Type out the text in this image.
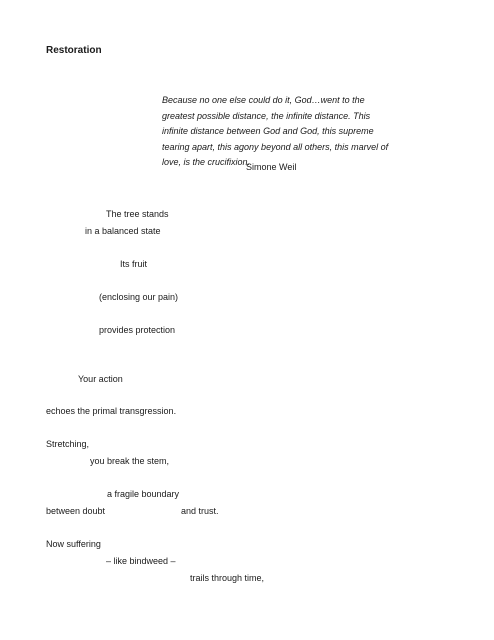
Restoration
Because no one else could do it, God…went to the
greatest possible distance, the infinite distance. This
infinite distance between God and God, this supreme
tearing apart, this agony beyond all others, this marvel of
love, is the crucifixion.
Simone Weil
The tree stands
in a balanced state
Its fruit
(enclosing our pain)
provides protection
Your action
echoes the primal transgression.
Stretching,
you break the stem,
a fragile boundary
between doubt	and trust.
Now suffering
– like bindweed –
trails through time,
